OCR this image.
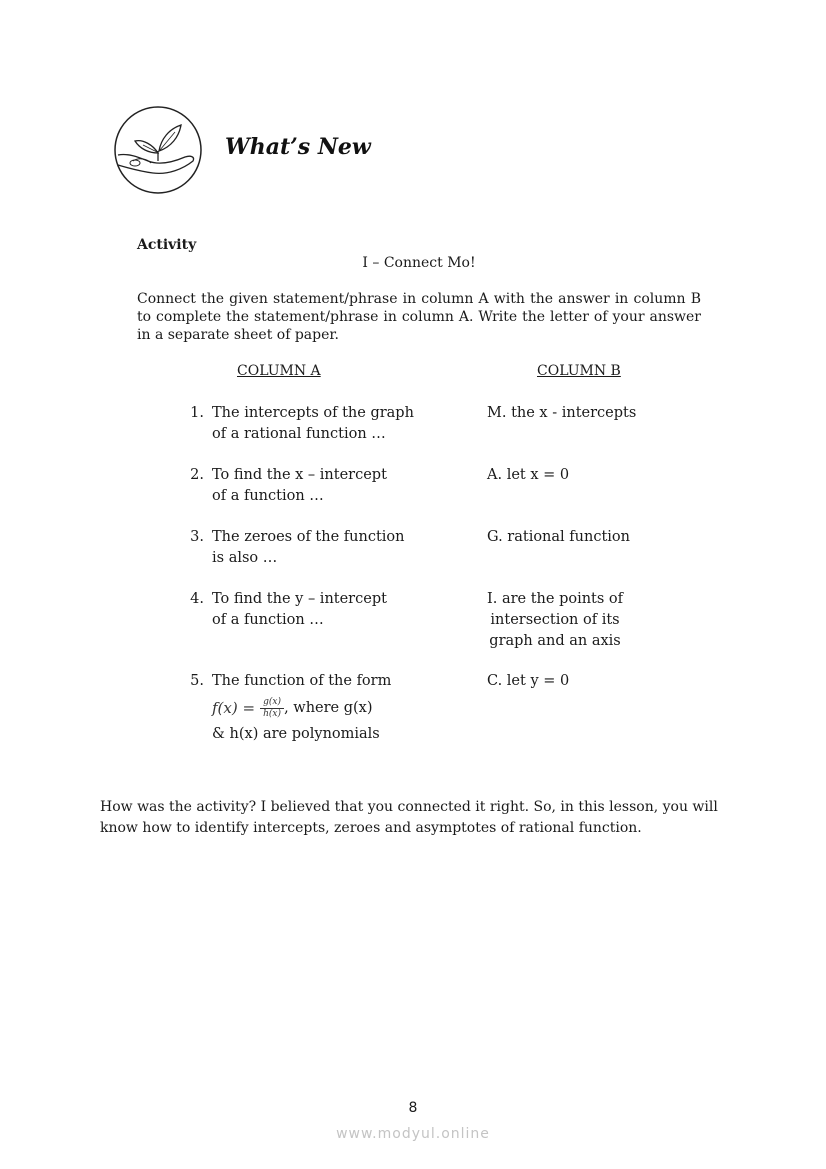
What’s New
Activity
I – Connect Mo!
Connect the given statement/phrase in column A with the answer in column B to complete the statement/phrase in column A. Write the letter of your answer in a separate sheet of paper.
COLUMN A	COLUMN B
1. The intercepts of the graph
of a rational function …
M. the x - intercepts
2. To find the x – intercept
of a function …
A. let x = 0
3. The zeroes of the function
is also …
G. rational function
4. To find the y – intercept
of a function …
I. are the points of
intersection of its
graph and an axis
5. The function of the form
$f(x) = \frac{g(x)}{h(x)}$ , where g(x)
& h(x) are polynomials
C. let y = 0
How was the activity? I believed that you connected it right. So, in this lesson, you will know how to identify intercepts, zeroes and asymptotes of rational function.
8
www.modyul.online
